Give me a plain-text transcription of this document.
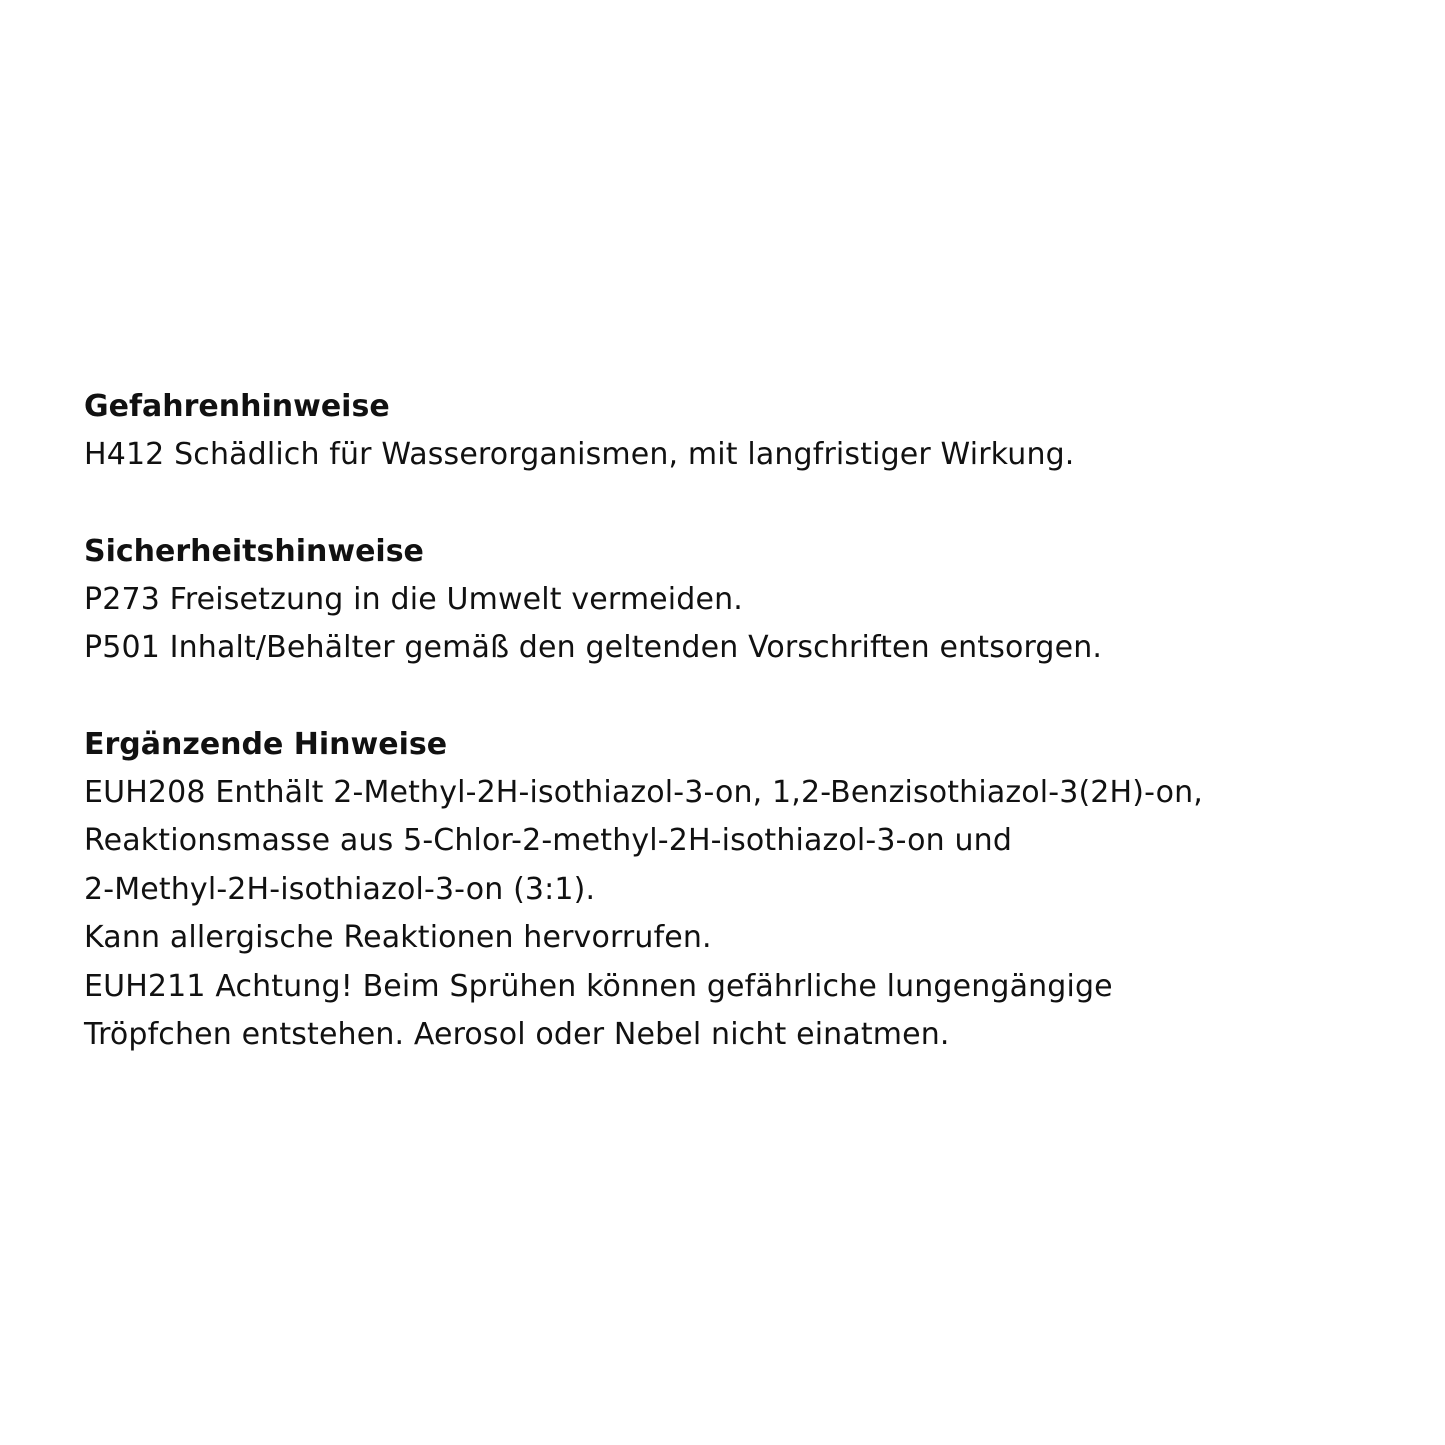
Gefahrenhinweise

H412 Schädlich für Wasserorganismen, mit langfristiger Wirkung.

Sicherheitshinweise

P273 Freisetzung in die Umwelt vermeiden.

P501 Inhalt/Behälter gemäß den geltenden Vorschriften entsorgen.

Ergänzende Hinweise

EUH208 Enthält 2-Methyl-2H-isothiazol-3-on, 1,2-Benzisothiazol-3(2H)-on,

Reaktionsmasse aus 5-Chlor-2-methyl-2H-isothiazol-3-on und

2-Methyl-2H-isothiazol-3-on (3:1).

Kann allergische Reaktionen hervorrufen.

EUH211 Achtung! Beim Sprühen können gefährliche lungengängige

Tröpfchen entstehen. Aerosol oder Nebel nicht einatmen.
